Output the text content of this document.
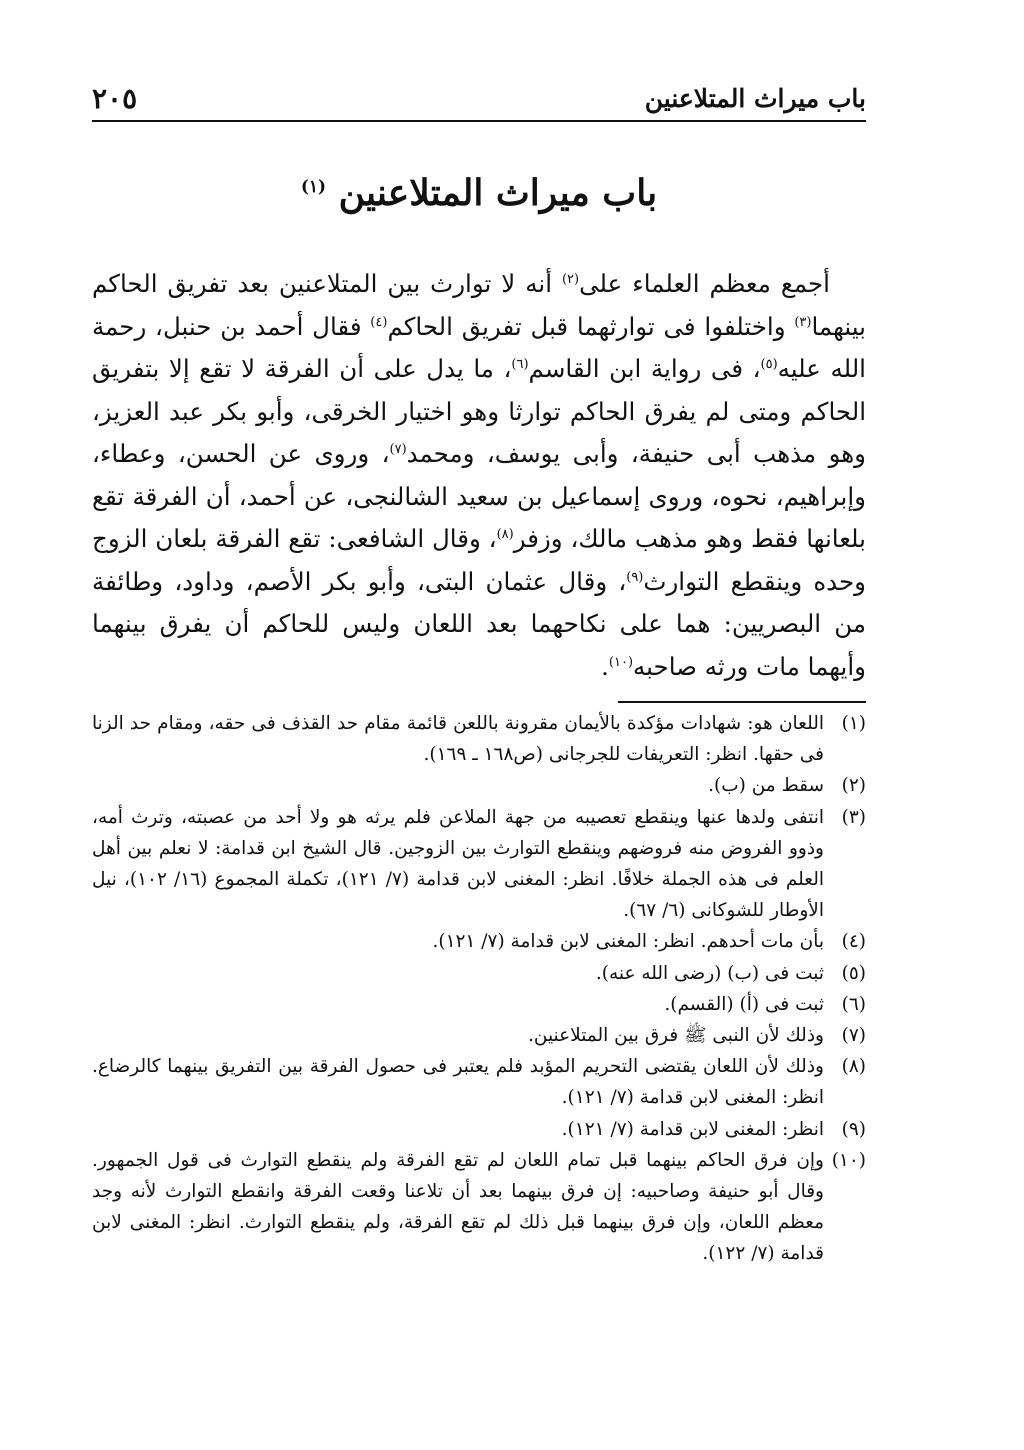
باب ميراث المتلاعنين
٢٠٥
باب ميراث المتلاعنين $^{(١)}$
أجمع معظم العلماء على$^{(٢)}$ أنه لا توارث بين المتلاعنين بعد تفريق الحاكم بينهما$^{(٣)}$ واختلفوا فى توارثهما قبل تفريق الحاكم$^{(٤)}$ فقال أحمد بن حنبل، رحمة الله عليه$^{(٥)}$، فى رواية ابن القاسم$^{(٦)}$، ما يدل على أن الفرقة لا تقع إلا بتفريق الحاكم ومتى لم يفرق الحاكم توارثا وهو اختيار الخرقى، وأبو بكر عبد العزيز، وهو مذهب أبى حنيفة، وأبى يوسف، ومحمد$^{(٧)}$، وروى عن الحسن، وعطاء، وإبراهيم، نحوه، وروى إسماعيل بن سعيد الشالنجى، عن أحمد، أن الفرقة تقع بلعانها فقط وهو مذهب مالك، وزفر$^{(٨)}$، وقال الشافعى: تقع الفرقة بلعان الزوج وحده وينقطع التوارث$^{(٩)}$، وقال عثمان البتى، وأبو بكر الأصم، وداود، وطائفة من البصريين: هما على نكاحهما بعد اللعان وليس للحاكم أن يفرق بينهما وأيهما مات ورثه صاحبه$^{(١٠)}$.
(١)اللعان هو: شهادات مؤكدة بالأيمان مقرونة باللعن قائمة مقام حد القذف فى حقه، ومقام حد الزنا فى حقها. انظر: التعريفات للجرجانى (ص١٦٨ ـ ١٦٩).
(٢)سقط من (ب).
(٣)انتفى ولدها عنها وينقطع تعصيبه من جهة الملاعن فلم يرثه هو ولا أحد من عصبته، وترث أمه، وذوو الفروض منه فروضهم وينقطع التوارث بين الزوجين. قال الشيخ ابن قدامة: لا نعلم بين أهل العلم فى هذه الجملة خلافًا. انظر: المغنى لابن قدامة (٧/ ١٢١)، تكملة المجموع (١٦/ ١٠٢)، نيل الأوطار للشوكانى (٦/ ٦٧).
(٤)بأن مات أحدهم. انظر: المغنى لابن قدامة (٧/ ١٢١).
(٥)ثبت فى (ب) (رضى الله عنه).
(٦)ثبت فى (أ) (القسم).
(٧)وذلك لأن النبى ﷺ فرق بين المتلاعنين.
(٨)وذلك لأن اللعان يقتضى التحريم المؤبد فلم يعتبر فى حصول الفرقة بين التفريق بينهما كالرضاع. انظر: المغنى لابن قدامة (٧/ ١٢١).
(٩)انظر: المغنى لابن قدامة (٧/ ١٢١).
(١٠)وإن فرق الحاكم بينهما قبل تمام اللعان لم تقع الفرقة ولم ينقطع التوارث فى قول الجمهور. وقال أبو حنيفة وصاحبيه: إن فرق بينهما بعد أن تلاعنا وقعت الفرقة وانقطع التوارث لأنه وجد معظم اللعان، وإن فرق بينهما قبل ذلك لم تقع الفرقة، ولم ينقطع التوارث. انظر: المغنى لابن قدامة (٧/ ١٢٢).
